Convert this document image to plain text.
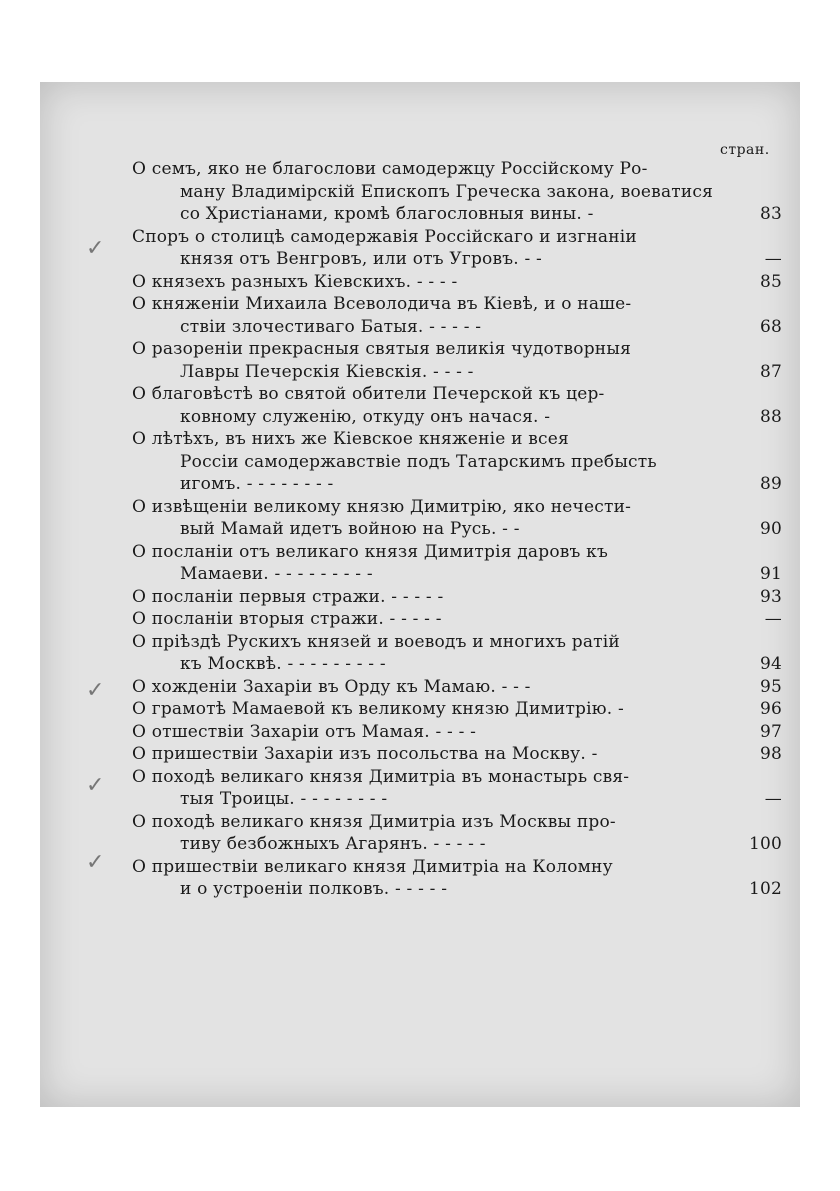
стран.
✓
✓
✓
✓
О семъ, яко не благослови самодержцу Россійскому Ро-
ману Владимірскій Епископъ Греческа закона, воеватися
со Христіанами, кромѣ благословныя вины. -	83
Споръ о столицѣ самодержавія Россійскаго и изгнаніи
князя отъ Венгровъ, или отъ Угровъ. - -	—
О князехъ разныхъ Кіевскихъ. - - - -	85
О княженіи Михаила Всеволодича въ Кіевѣ, и о наше-
ствіи злочестиваго Батыя. - - - - -	68
О разореніи прекрасныя святыя великія чудотворныя
Лавры Печерскія Кіевскія. - - - -	87
О благовѣстѣ во святой обители Печерской къ цер-
ковному служенію, откуду онъ начася. -	88
О лѣтѣхъ, въ нихъ же Кіевское княженіе и всея
Россіи самодержавствіе подъ Татарскимъ пребысть
игомъ. - - - - - - - -	89
О извѣщеніи великому князю Димитрію, яко нечести-
вый Мамай идетъ войною на Русь. - -	90
О посланіи отъ великаго князя Димитрія даровъ къ
Мамаеви. - - - - - - - - -	91
О посланіи первыя стражи. - - - - -	93
О посланіи вторыя стражи. - - - - -	—
О пріѣздѣ Рускихъ князей и воеводъ и многихъ ратій
къ Москвѣ. - - - - - - - - -	94
О хожденіи Захаріи въ Орду къ Мамаю. - - -	95
О грамотѣ Мамаевой къ великому князю Димитрію. -	96
О отшествіи Захаріи отъ Мамая. - - - -	97
О пришествіи Захаріи изъ посольства на Москву. -	98
О походѣ великаго князя Димитріа въ монастырь свя-
тыя Троицы. - - - - - - - -	—
О походѣ великаго князя Димитріа изъ Москвы про-
тиву безбожныхъ Агарянъ. - - - - -	100
О пришествіи великаго князя Димитріа на Коломну
и о устроеніи полковъ. - - - - -	102
